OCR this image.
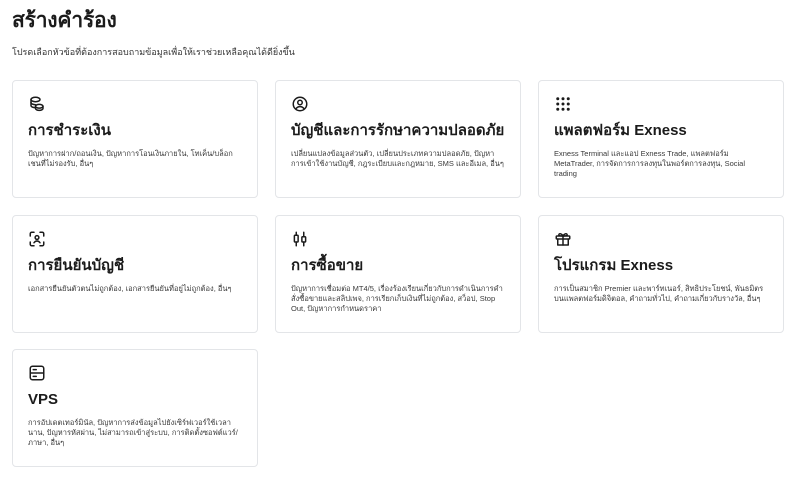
สร้างคำร้อง
โปรดเลือกหัวข้อที่ต้องการสอบถามข้อมูลเพื่อให้เราช่วยเหลือคุณได้ดียิ่งขึ้น
การชำระเงิน
ปัญหาการฝาก/ถอนเงิน, ปัญหาการโอนเงินภายใน, โทเค็น/บล็อกเชนที่ไม่รองรับ, อื่นๆ
บัญชีและการรักษาความปลอดภัย
เปลี่ยนแปลงข้อมูลส่วนตัว, เปลี่ยนประเภทความปลอดภัย, ปัญหาการเข้าใช้งานบัญชี, กฎระเบียบและกฎหมาย, SMS และอีเมล, อื่นๆ
แพลตฟอร์ม Exness
Exness Terminal และแอป Exness Trade, แพลตฟอร์ม MetaTrader, การจัดการการลงทุนในพอร์ตการลงทุน, Social trading
การยืนยันบัญชี
เอกสารยืนยันตัวตนไม่ถูกต้อง, เอกสารยืนยันที่อยู่ไม่ถูกต้อง, อื่นๆ
การซื้อขาย
ปัญหาการเชื่อมต่อ MT4/5, เรื่องร้องเรียนเกี่ยวกับการดำเนินการคำสั่งซื้อขายและสลิปเพจ, การเรียกเก็บเงินที่ไม่ถูกต้อง, สว็อป, Stop Out, ปัญหาการกำหนดราคา
โปรแกรม Exness
การเป็นสมาชิก Premier และพาร์ทเนอร์, สิทธิประโยชน์, พันธมิตรบนแพลตฟอร์มดิจิตอล, คำถามทั่วไป, คำถามเกี่ยวกับรางวัล, อื่นๆ
VPS
การอัปเดตเทอร์มินัล, ปัญหาการส่งข้อมูลไปยังเซิร์ฟเวอร์ใช้เวลานาน, ปัญหารหัสผ่าน, ไม่สามารถเข้าสู่ระบบ, การติดตั้งซอฟต์แวร์/ภาษา, อื่นๆ
